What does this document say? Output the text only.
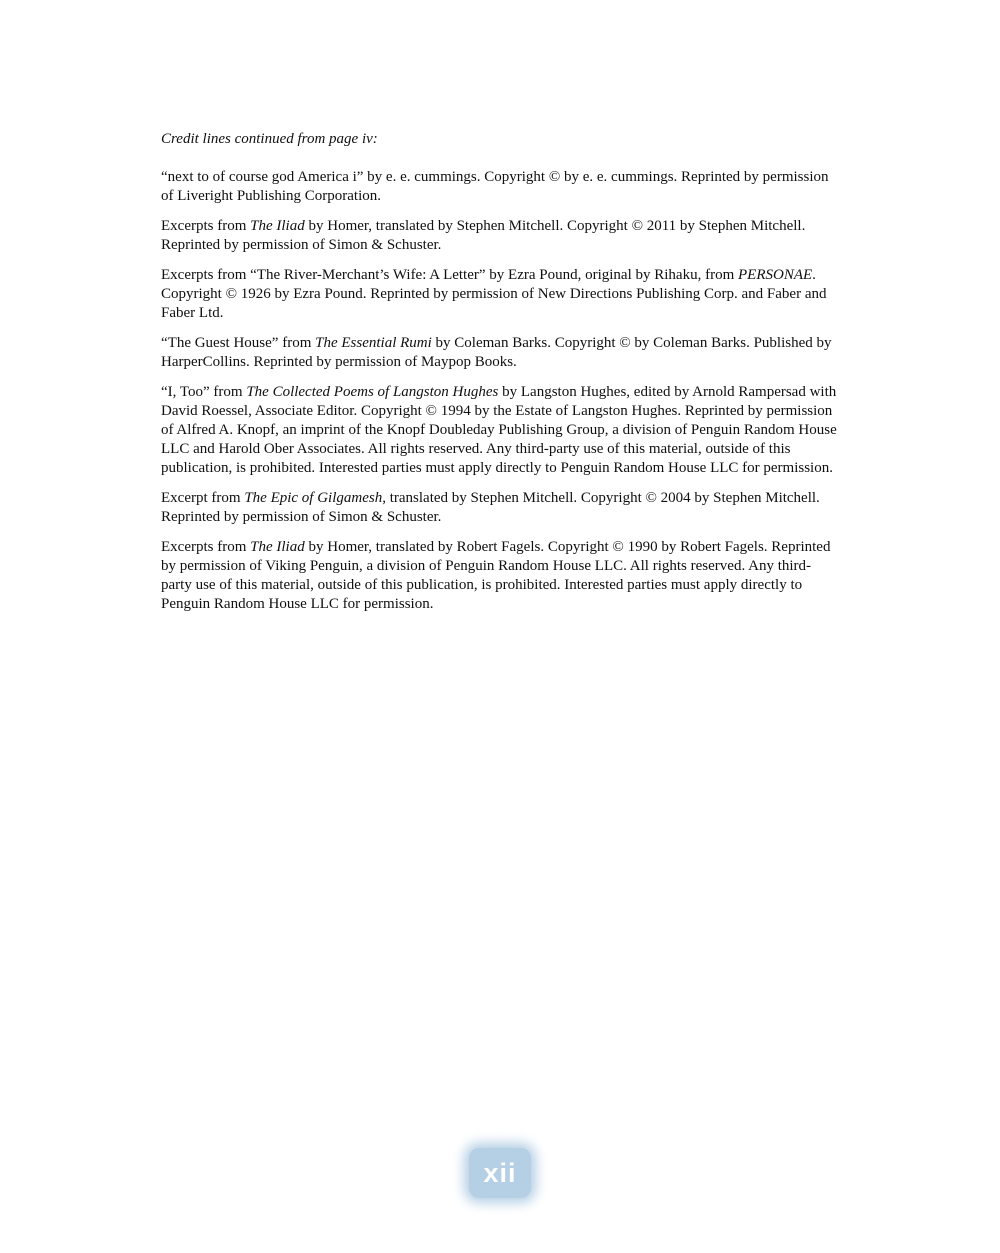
Credit lines continued from page iv:

“next to of course god America i” by e. e. cummings. Copyright © by e. e. cummings. Reprinted by permission of Liveright Publishing Corporation.

Excerpts from The Iliad by Homer, translated by Stephen Mitchell. Copyright © 2011 by Stephen Mitchell. Reprinted by permission of Simon & Schuster.

Excerpts from “The River-Merchant’s Wife: A Letter” by Ezra Pound, original by Rihaku, from PERSONAE. Copyright © 1926 by Ezra Pound. Reprinted by permission of New Directions Publishing Corp. and Faber and Faber Ltd.

“The Guest House” from The Essential Rumi by Coleman Barks. Copyright © by Coleman Barks. Published by HarperCollins. Reprinted by permission of Maypop Books.

“I, Too” from The Collected Poems of Langston Hughes by Langston Hughes, edited by Arnold Rampersad with David Roessel, Associate Editor. Copyright © 1994 by the Estate of Langston Hughes. Reprinted by permission of Alfred A. Knopf, an imprint of the Knopf Doubleday Publishing Group, a division of Penguin Random House LLC and Harold Ober Associates. All rights reserved. Any third-party use of this material, outside of this publication, is prohibited. Interested parties must apply directly to Penguin Random House LLC for permission.

Excerpt from The Epic of Gilgamesh, translated by Stephen Mitchell. Copyright © 2004 by Stephen Mitchell. Reprinted by permission of Simon & Schuster.

Excerpts from The Iliad by Homer, translated by Robert Fagels. Copyright © 1990 by Robert Fagels. Reprinted by permission of Viking Penguin, a division of Penguin Random House LLC. All rights reserved. Any third-party use of this material, outside of this publication, is prohibited. Interested parties must apply directly to Penguin Random House LLC for permission.

xii
